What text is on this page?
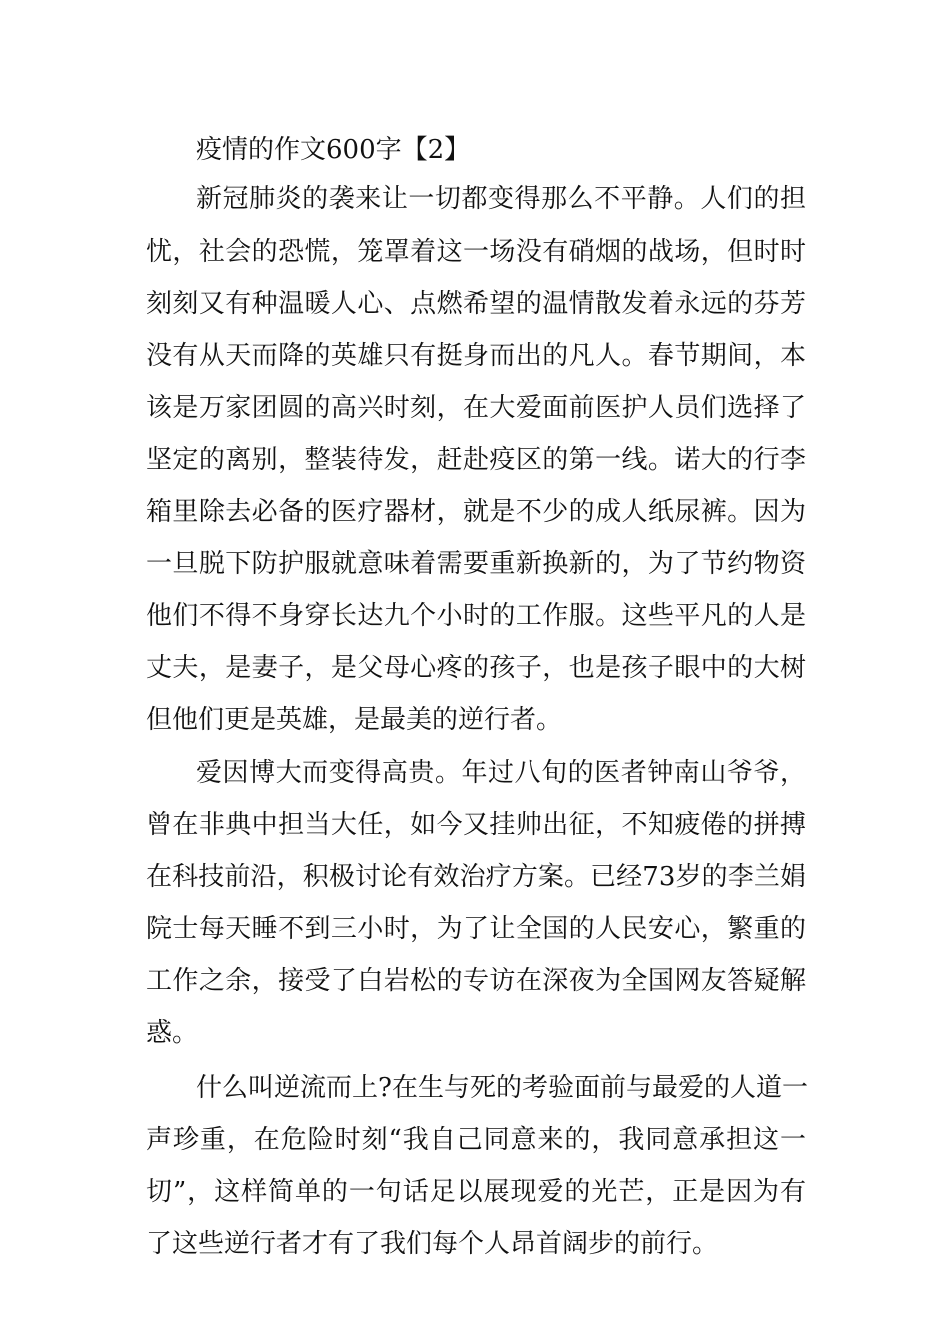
疫情的作文600字【2】
新冠肺炎的袭来让一切都变得那么不平静。人们的担
忧，社会的恐慌，笼罩着这一场没有硝烟的战场，但时时
刻刻又有种温暖人心、点燃希望的温情散发着永远的芬芳
没有从天而降的英雄只有挺身而出的凡人。春节期间，本
该是万家团圆的高兴时刻，在大爱面前医护人员们选择了
坚定的离别，整装待发，赶赴疫区的第一线。诺大的行李
箱里除去必备的医疗器材，就是不少的成人纸尿裤。因为
一旦脱下防护服就意味着需要重新换新的，为了节约物资
他们不得不身穿长达九个小时的工作服。这些平凡的人是
丈夫，是妻子，是父母心疼的孩子，也是孩子眼中的大树
但他们更是英雄，是最美的逆行者。
爱因博大而变得高贵。年过八旬的医者钟南山爷爷，
曾在非典中担当大任，如今又挂帅出征，不知疲倦的拼搏
在科技前沿，积极讨论有效治疗方案。已经73岁的李兰娟
院士每天睡不到三小时，为了让全国的人民安心，繁重的
工作之余，接受了白岩松的专访在深夜为全国网友答疑解
惑。
什么叫逆流而上?在生与死的考验面前与最爱的人道一
声珍重，在危险时刻“我自己同意来的，我同意承担这一
切”，这样简单的一句话足以展现爱的光芒，正是因为有
了这些逆行者才有了我们每个人昂首阔步的前行。
